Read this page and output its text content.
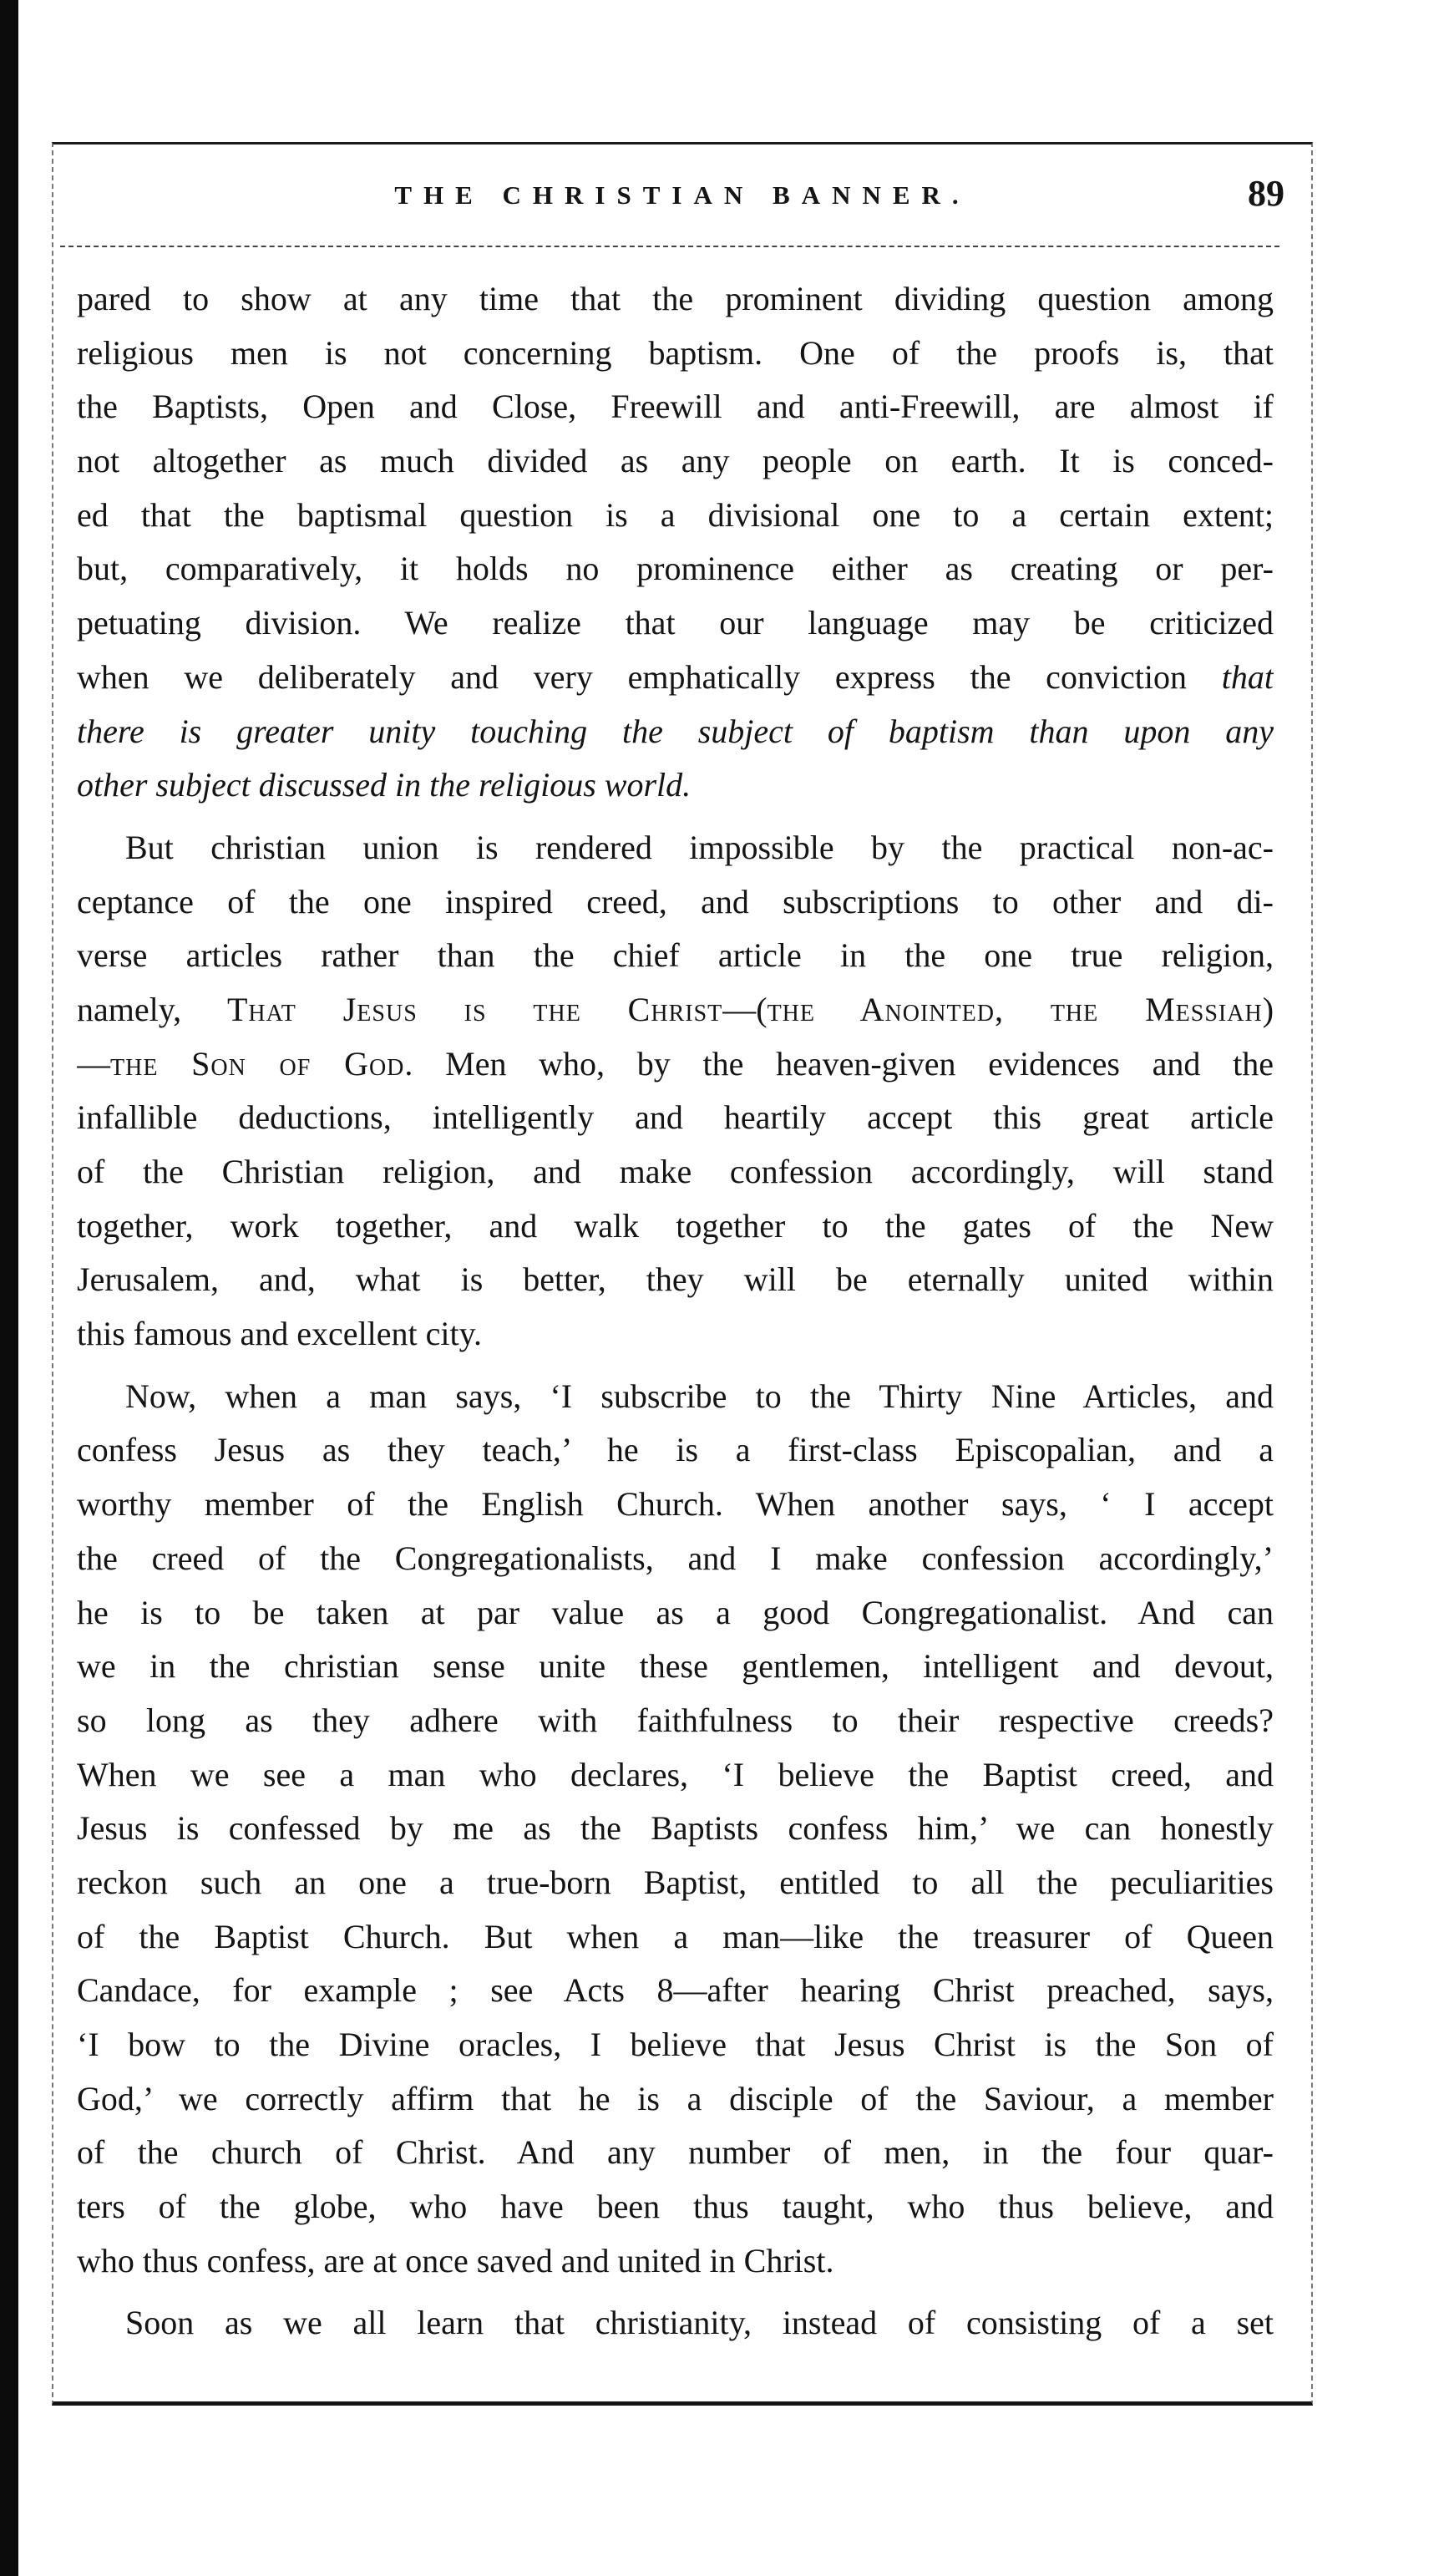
THE CHRISTIAN BANNER.	89
pared to show at any time that the prominent dividing question among
religious men is not concerning baptism. One of the proofs is, that
the Baptists, Open and Close, Freewill and anti-Freewill, are almost if
not altogether as much divided as any people on earth. It is conced-
ed that the baptismal question is a divisional one to a certain extent;
but, comparatively, it holds no prominence either as creating or per-
petuating division. We realize that our language may be criticized
when we deliberately and very emphatically express the conviction that
there is greater unity touching the subject of baptism than upon any
other subject discussed in the religious world.
But christian union is rendered impossible by the practical non-ac-
ceptance of the one inspired creed, and subscriptions to other and di-
verse articles rather than the chief article in the one true religion,
namely, That Jesus is the Christ—(the Anointed, the Messiah)
—the Son of God. Men who, by the heaven-given evidences and the
infallible deductions, intelligently and heartily accept this great article
of the Christian religion, and make confession accordingly, will stand
together, work together, and walk together to the gates of the New
Jerusalem, and, what is better, they will be eternally united within
this famous and excellent city.
Now, when a man says, ‘I subscribe to the Thirty Nine Articles, and
confess Jesus as they teach,’ he is a first-class Episcopalian, and a
worthy member of the English Church. When another says, ‘ I accept
the creed of the Congregationalists, and I make confession accordingly,’
he is to be taken at par value as a good Congregationalist. And can
we in the christian sense unite these gentlemen, intelligent and devout,
so long as they adhere with faithfulness to their respective creeds?
When we see a man who declares, ‘I believe the Baptist creed, and
Jesus is confessed by me as the Baptists confess him,’ we can honestly
reckon such an one a true-born Baptist, entitled to all the peculiarities
of the Baptist Church. But when a man—like the treasurer of Queen
Candace, for example ; see Acts 8—after hearing Christ preached, says,
‘I bow to the Divine oracles, I believe that Jesus Christ is the Son of
God,’ we correctly affirm that he is a disciple of the Saviour, a member
of the church of Christ. And any number of men, in the four quar-
ters of the globe, who have been thus taught, who thus believe, and
who thus confess, are at once saved and united in Christ.
Soon as we all learn that christianity, instead of consisting of a set
